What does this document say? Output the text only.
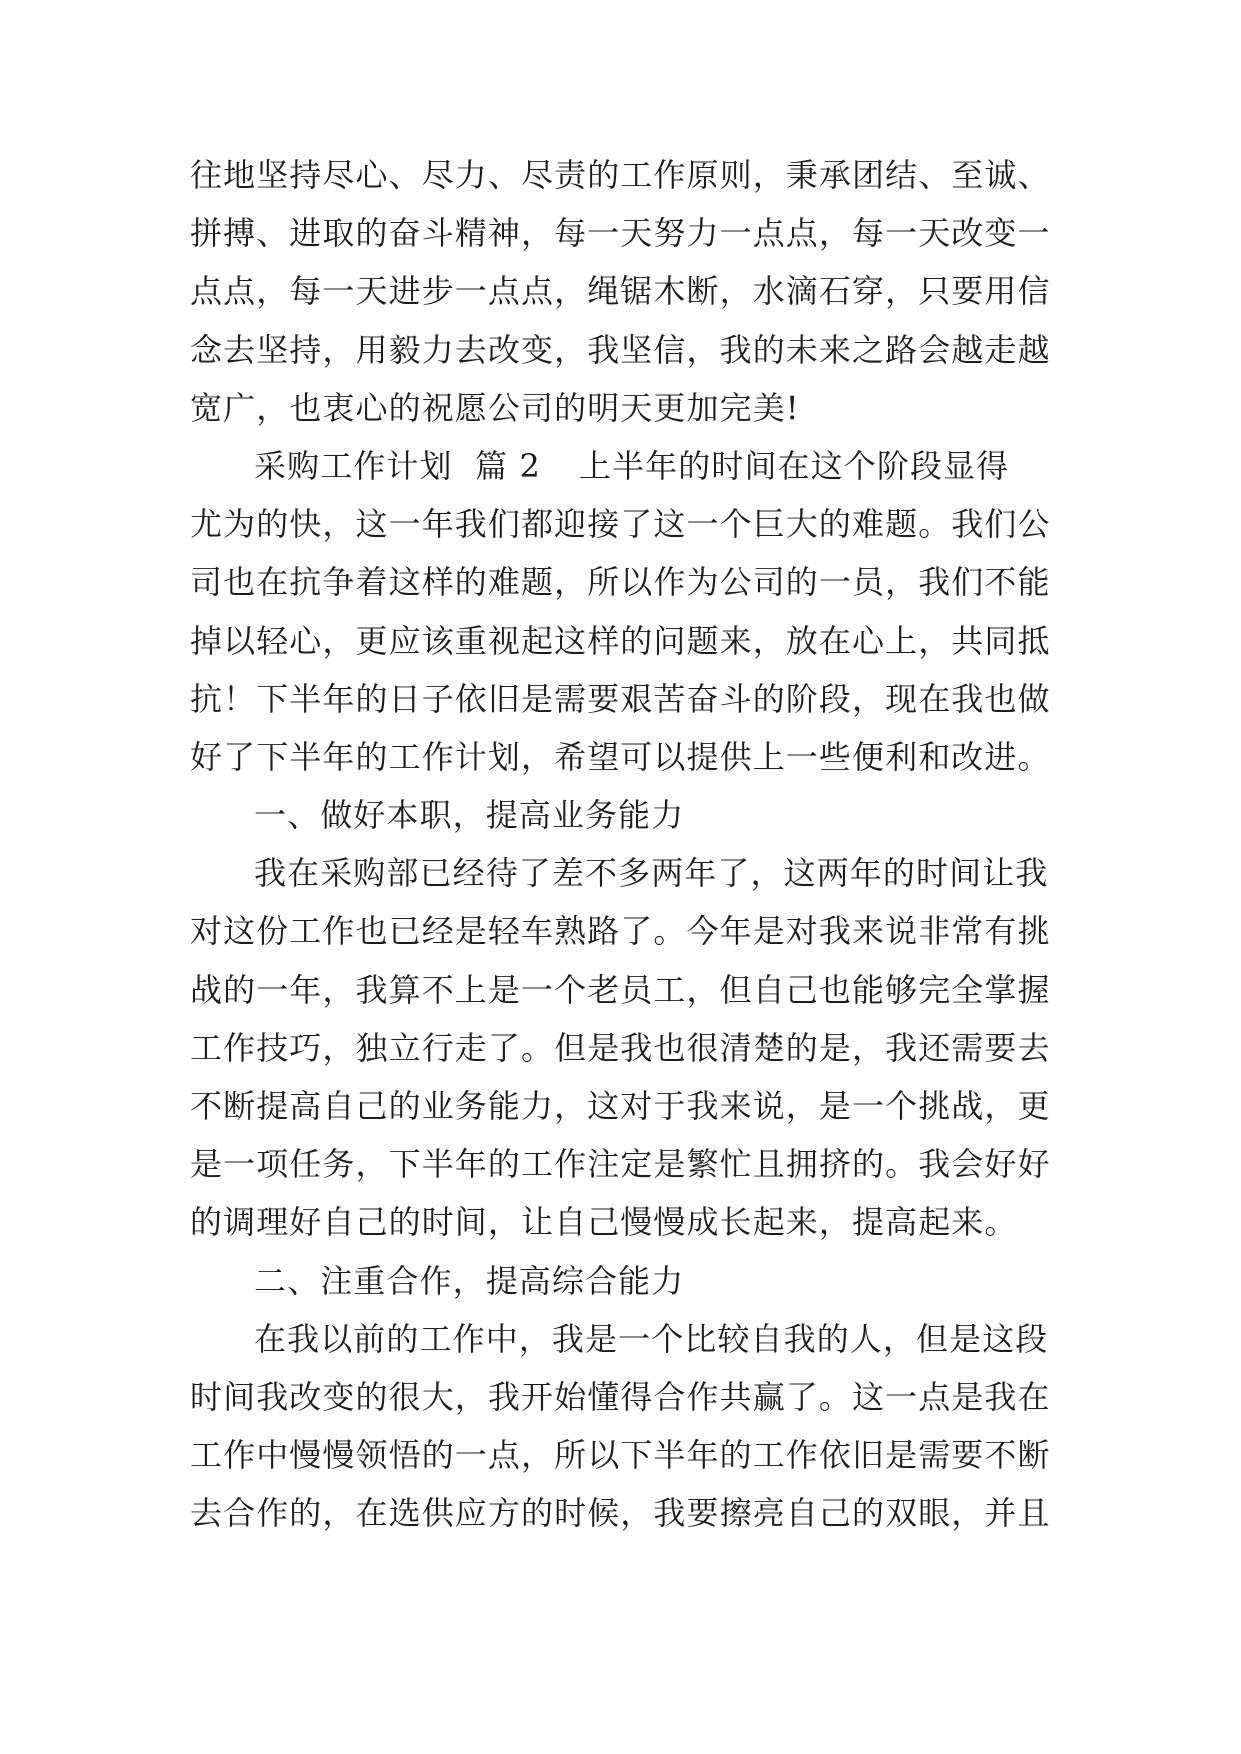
往地坚持尽心、尽力、尽责的工作原则，秉承团结、至诚、
拼搏、进取的奋斗精神，每一天努力一点点，每一天改变一
点点，每一天进步一点点，绳锯木断，水滴石穿，只要用信
念去坚持，用毅力去改变，我坚信，我的未来之路会越走越
宽广，也衷心的祝愿公司的明天更加完美!
采购工作计划  篇 2 上半年的时间在这个阶段显得
尤为的快，这一年我们都迎接了这一个巨大的难题。我们公
司也在抗争着这样的难题，所以作为公司的一员，我们不能
掉以轻心，更应该重视起这样的问题来，放在心上，共同抵
抗！下半年的日子依旧是需要艰苦奋斗的阶段，现在我也做
好了下半年的工作计划，希望可以提供上一些便利和改进。
一、做好本职，提高业务能力
我在采购部已经待了差不多两年了，这两年的时间让我
对这份工作也已经是轻车熟路了。今年是对我来说非常有挑
战的一年，我算不上是一个老员工，但自己也能够完全掌握
工作技巧，独立行走了。但是我也很清楚的是，我还需要去
不断提高自己的业务能力，这对于我来说，是一个挑战，更
是一项任务，下半年的工作注定是繁忙且拥挤的。我会好好
的调理好自己的时间，让自己慢慢成长起来，提高起来。
二、注重合作，提高综合能力
在我以前的工作中，我是一个比较自我的人，但是这段
时间我改变的很大，我开始懂得合作共赢了。这一点是我在
工作中慢慢领悟的一点，所以下半年的工作依旧是需要不断
去合作的，在选供应方的时候，我要擦亮自己的双眼，并且
